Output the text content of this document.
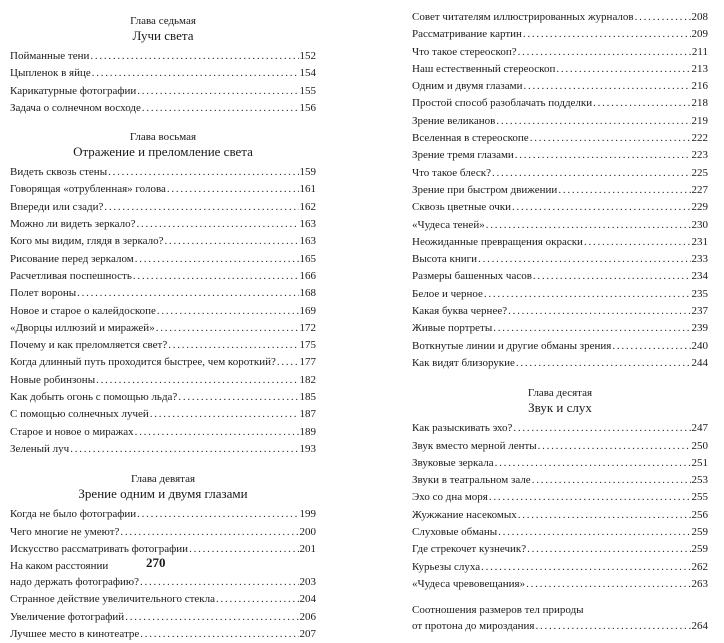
Глава седьмая
Лучи света
Пойманные тени . . .	152
Цыпленок в яйце . . .	154
Карикатурные фотографии . . .	155
Задача о солнечном восходе . . .	156
Глава восьмая
Отражение и преломление света
Видеть сквозь стены . . .	159
Говорящая «отрубленная» голова . . .	161
Впереди или сзади? . . .	162
Можно ли видеть зеркало? . . .	163
Кого мы видим, глядя в зеркало? . . .	163
Рисование перед зеркалом . . .	165
Расчетливая поспешность . . .	166
Полет вороны . . .	168
Новое и старое о калейдоскопе . . .	169
«Дворцы иллюзий и миражей» . . .	172
Почему и как преломляется свет? . . .	175
Когда длинный путь проходится быстрее, чем короткий? . . . 177
Новые робинзоны . . .	182
Как добыть огонь с помощью льда? . . .	185
С помощью солнечных лучей . . .	187
Старое и новое о миражах . . .	189
Зеленый луч . . .	193
Глава девятая
Зрение одним и двумя глазами
Когда не было фотографии . . .	199
Чего многие не умеют? . . .	200
Искусство рассматривать фотографии . . .	201
На каком расстоянии
надо держать фотографию? . . .	203
Странное действие увеличительного стекла . . .	204
Увеличение фотографий . . .	206
Лучшее место в кинотеатре . . .	207
270
Совет читателям иллюстрированных журналов . . .	208
Рассматривание картин . . .	209
Что такое стереоскоп? . . .	211
Наш естественный стереоскоп . . .	213
Одним и двумя глазами . . .	216
Простой способ разоблачать подделки . . .	218
Зрение великанов . . .	219
Вселенная в стереоскопе . . .	222
Зрение тремя глазами . . .	223
Что такое блеск? . . .	225
Зрение при быстром движении . . .	227
Сквозь цветные очки . . .	229
«Чудеса теней» . . .	230
Неожиданные превращения окраски . . .	231
Высота книги . . .	233
Размеры башенных часов . . .	234
Белое и черное . . .	235
Какая буква чернее? . . .	237
Живые портреты . . .	239
Воткнутые линии и другие обманы зрения . . .	240
Как видят близорукие . . .	244
Глава десятая
Звук и слух
Как разыскивать эхо? . . .	247
Звук вместо мерной ленты . . .	250
Звуковые зеркала . . .	251
Звуки в театральном зале . . .	253
Эхо со дна моря . . .	255
Жужжание насекомых . . .	256
Слуховые обманы . . .	259
Где стрекочет кузнечик? . . .	259
Курьезы слуха . . .	262
«Чудеса чревовещания» . . .	263
Соотношения размеров тел природы
от протона до мироздания . . .	264
